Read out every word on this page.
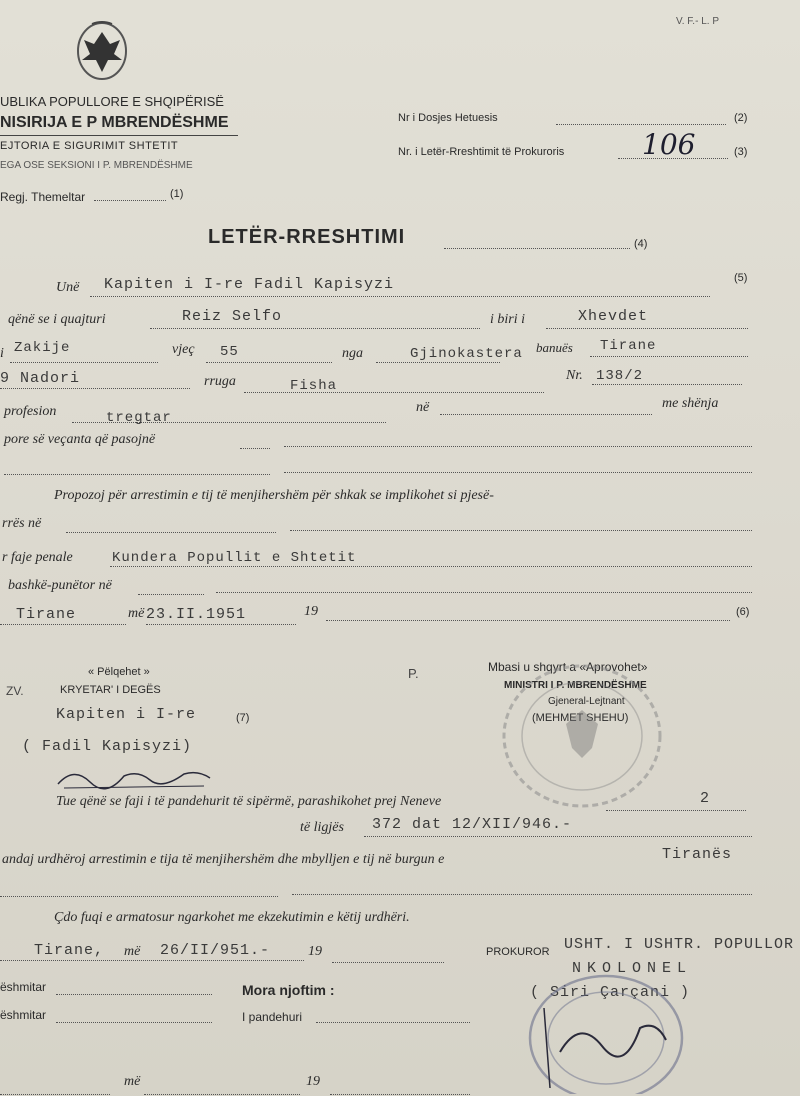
V. F.- L. P
UBLIKA POPULLORE E SHQIPËRISË
NISIRIJA E P MBRENDËSHME
EJTORIA E SIGURIMIT SHTETIT
EGA OSE SEKSIONI I P. MBRENDËSHME
Regj. Themeltar	(1)
Nr i Dosjes Hetuesis	(2)
Nr. i Letër-Rreshtimit të Prokuroris	106	(3)
LETËR-RRESHTIMI	(4)
Unë Kapiten i I-re Fadil Kapisyzi	(5)
qënë se i quajturi	Reiz Selfo	i biri i	Xhevdet
i Zakije	vjeç 55	nga	Gjinokastera banuës Tirane
9 Nadori	rruga	Fisha
Nr. 138/2
profesion	tregtar
në	me shënja
pore së veçanta që pasojnë
Propozoj për arrestimin e tij të menjihershëm për shkak se implikohet si pjesë-
rrës në
r faje penale	Kundera Popullit e Shtetit
bashkë-punëtor në
Tirane	më 23.II.1951	19	(6)
« Pëlqehet »
ZV.	KRYETAR' I DEGËS
P.	Mbasi u shqyrt a «Aprovohet»
MINISTRI I P. MBRENDËSHME
Gjeneral-Lejtnant
(MEHMET SHEHU)
Kapiten i I-re	(7)
( Fadil Kapisyzi)
Tue qënë se faji i të pandehurit të sipërmë, parashikohet prej Neneve	2
të ligjës 372 dat 12/XII/946.-
andaj urdhëroj arrestimin e tija të menjihershëm dhe mbylljen e tij në burgun e	Tiranës
Çdo fuqi e armatosur ngarkohet me ekzekutimin e këtij urdhëri.
Tirane, më 26/II/951.-	19	PROKUROR USHT. I USHTR. POPULLOR
NKOLONEL
( Siri Çarçani )
ëshmitar
ëshmitar
Mora njoftim :
I pandehuri
më	19
